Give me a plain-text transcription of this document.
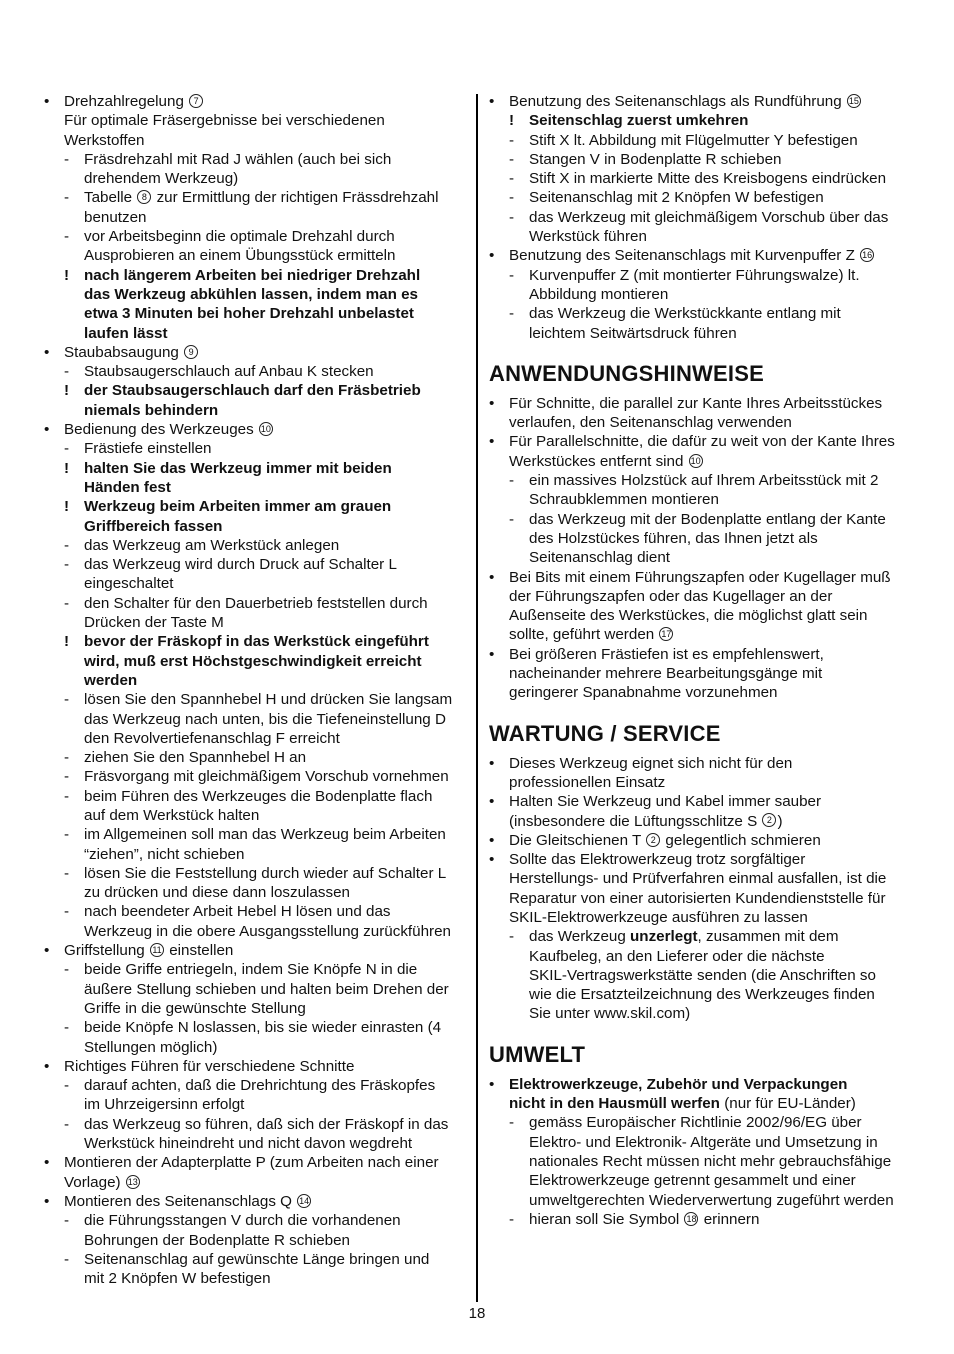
• Drehzahlregelung 7
Für optimale Fräsergebnisse bei verschiedenen
Werkstoffen
- Fräsdrehzahl mit Rad J wählen (auch bei sich
drehendem Werkzeug)
- Tabelle 8 zur Ermittlung der richtigen Frässdrehzahl
benutzen
- vor Arbeitsbeginn die optimale Drehzahl durch
Ausprobieren an einem Übungsstück ermitteln
! nach längerem Arbeiten bei niedriger Drehzahl
das Werkzeug abkühlen lassen, indem man es
etwa 3 Minuten bei hoher Drehzahl unbelastet
laufen lässt
• Staubabsaugung 9
- Staubsaugerschlauch auf Anbau K stecken
! der Staubsaugerschlauch darf den Fräsbetrieb
niemals behindern
• Bedienung des Werkzeuges 10
- Frästiefe einstellen
! halten Sie das Werkzeug immer mit beiden
Händen fest
! Werkzeug beim Arbeiten immer am grauen
Griffbereich fassen
- das Werkzeug am Werkstück anlegen
- das Werkzeug wird durch Druck auf Schalter L
eingeschaltet
- den Schalter für den Dauerbetrieb feststellen durch
Drücken der Taste M
! bevor der Fräskopf in das Werkstück eingeführt
wird, muß erst Höchstgeschwindigkeit erreicht
werden
- lösen Sie den Spannhebel H und drücken Sie langsam
das Werkzeug nach unten, bis die Tiefeneinstellung D
den Revolvertiefenanschlag F erreicht
- ziehen Sie den Spannhebel H an
- Fräsvorgang mit gleichmäßigem Vorschub vornehmen
- beim Führen des Werkzeuges die Bodenplatte flach
auf dem Werkstück halten
- im Allgemeinen soll man das Werkzeug beim Arbeiten
“ziehen”, nicht schieben
- lösen Sie die Feststellung durch wieder auf Schalter L
zu drücken und diese dann loszulassen
- nach beendeter Arbeit Hebel H lösen und das
Werkzeug in die obere Ausgangsstellung zurückführen
• Griffstellung 11 einstellen
- beide Griffe entriegeln, indem Sie Knöpfe N in die
äußere Stellung schieben und halten beim Drehen der
Griffe in die gewünschte Stellung
- beide Knöpfe N loslassen, bis sie wieder einrasten (4
Stellungen möglich)
• Richtiges Führen für verschiedene Schnitte
- darauf achten, daß die Drehrichtung des Fräskopfes
im Uhrzeigersinn erfolgt
- das Werkzeug so führen, daß sich der Fräskopf in das
Werkstück hineindreht und nicht davon wegdreht
• Montieren der Adapterplatte P (zum Arbeiten nach einer
Vorlage) 13
• Montieren des Seitenanschlags Q 14
- die Führungsstangen V durch die vorhandenen
Bohrungen der Bodenplatte R schieben
- Seitenanschlag auf gewünschte Länge bringen und
mit 2 Knöpfen W befestigen
• Benutzung des Seitenanschlags als Rundführung 15
! Seitenschlag zuerst umkehren
- Stift X lt. Abbildung mit Flügelmutter Y befestigen
- Stangen V in Bodenplatte R schieben
- Stift X in markierte Mitte des Kreisbogens eindrücken
- Seitenanschlag mit 2 Knöpfen W befestigen
- das Werkzeug mit gleichmäßigem Vorschub über das
Werkstück führen
• Benutzung des Seitenanschlags mit Kurvenpuffer Z 16
- Kurvenpuffer Z (mit montierter Führungswalze) lt.
Abbildung montieren
- das Werkzeug die Werkstückkante entlang mit
leichtem Seitwärtsdruck führen
ANWENDUNGSHINWEISE
• Für Schnitte, die parallel zur Kante Ihres Arbeitsstückes
verlaufen, den Seitenanschlag verwenden
• Für Parallelschnitte, die dafür zu weit von der Kante Ihres
Werkstückes entfernt sind 10
- ein massives Holzstück auf Ihrem Arbeitsstück mit 2
Schraubklemmen montieren
- das Werkzeug mit der Bodenplatte entlang der Kante
des Holzstückes führen, das Ihnen jetzt als
Seitenanschlag dient
• Bei Bits mit einem Führungszapfen oder Kugellager muß
der Führungszapfen oder das Kugellager an der
Außenseite des Werkstückes, die möglichst glatt sein
sollte, geführt werden 17
• Bei größeren Frästiefen ist es empfehlenswert,
nacheinander mehrere Bearbeitungsgänge mit
geringerer Spanabnahme vorzunehmen
WARTUNG / SERVICE
• Dieses Werkzeug eignet sich nicht für den
professionellen Einsatz
• Halten Sie Werkzeug und Kabel immer sauber
(insbesondere die Lüftungsschlitze S 2 )
• Die Gleitschienen T 2 gelegentlich schmieren
• Sollte das Elektrowerkzeug trotz sorgfältiger
Herstellungs- und Prüfverfahren einmal ausfallen, ist die
Reparatur von einer autorisierten Kundendienststelle für
SKIL-Elektrowerkzeuge ausführen zu lassen
- das Werkzeug unzerlegt, zusammen mit dem
Kaufbeleg, an den Lieferer oder die nächste
SKIL-Vertragswerkstätte senden (die Anschriften so
wie die Ersatzteilzeichnung des Werkzeuges finden
Sie unter www.skil.com)
UMWELT
• Elektrowerkzeuge, Zubehör und Verpackungen
nicht in den Hausmüll werfen (nur für EU-Länder)
- gemäss Europäischer Richtlinie 2002/96/EG über
Elektro- und Elektronik- Altgeräte und Umsetzung in
nationales Recht müssen nicht mehr gebrauchsfähige
Elektrowerkzeuge getrennt gesammelt und einer
umweltgerechten Wiederverwertung zugeführt werden
- hieran soll Sie Symbol 18 erinnern
18
